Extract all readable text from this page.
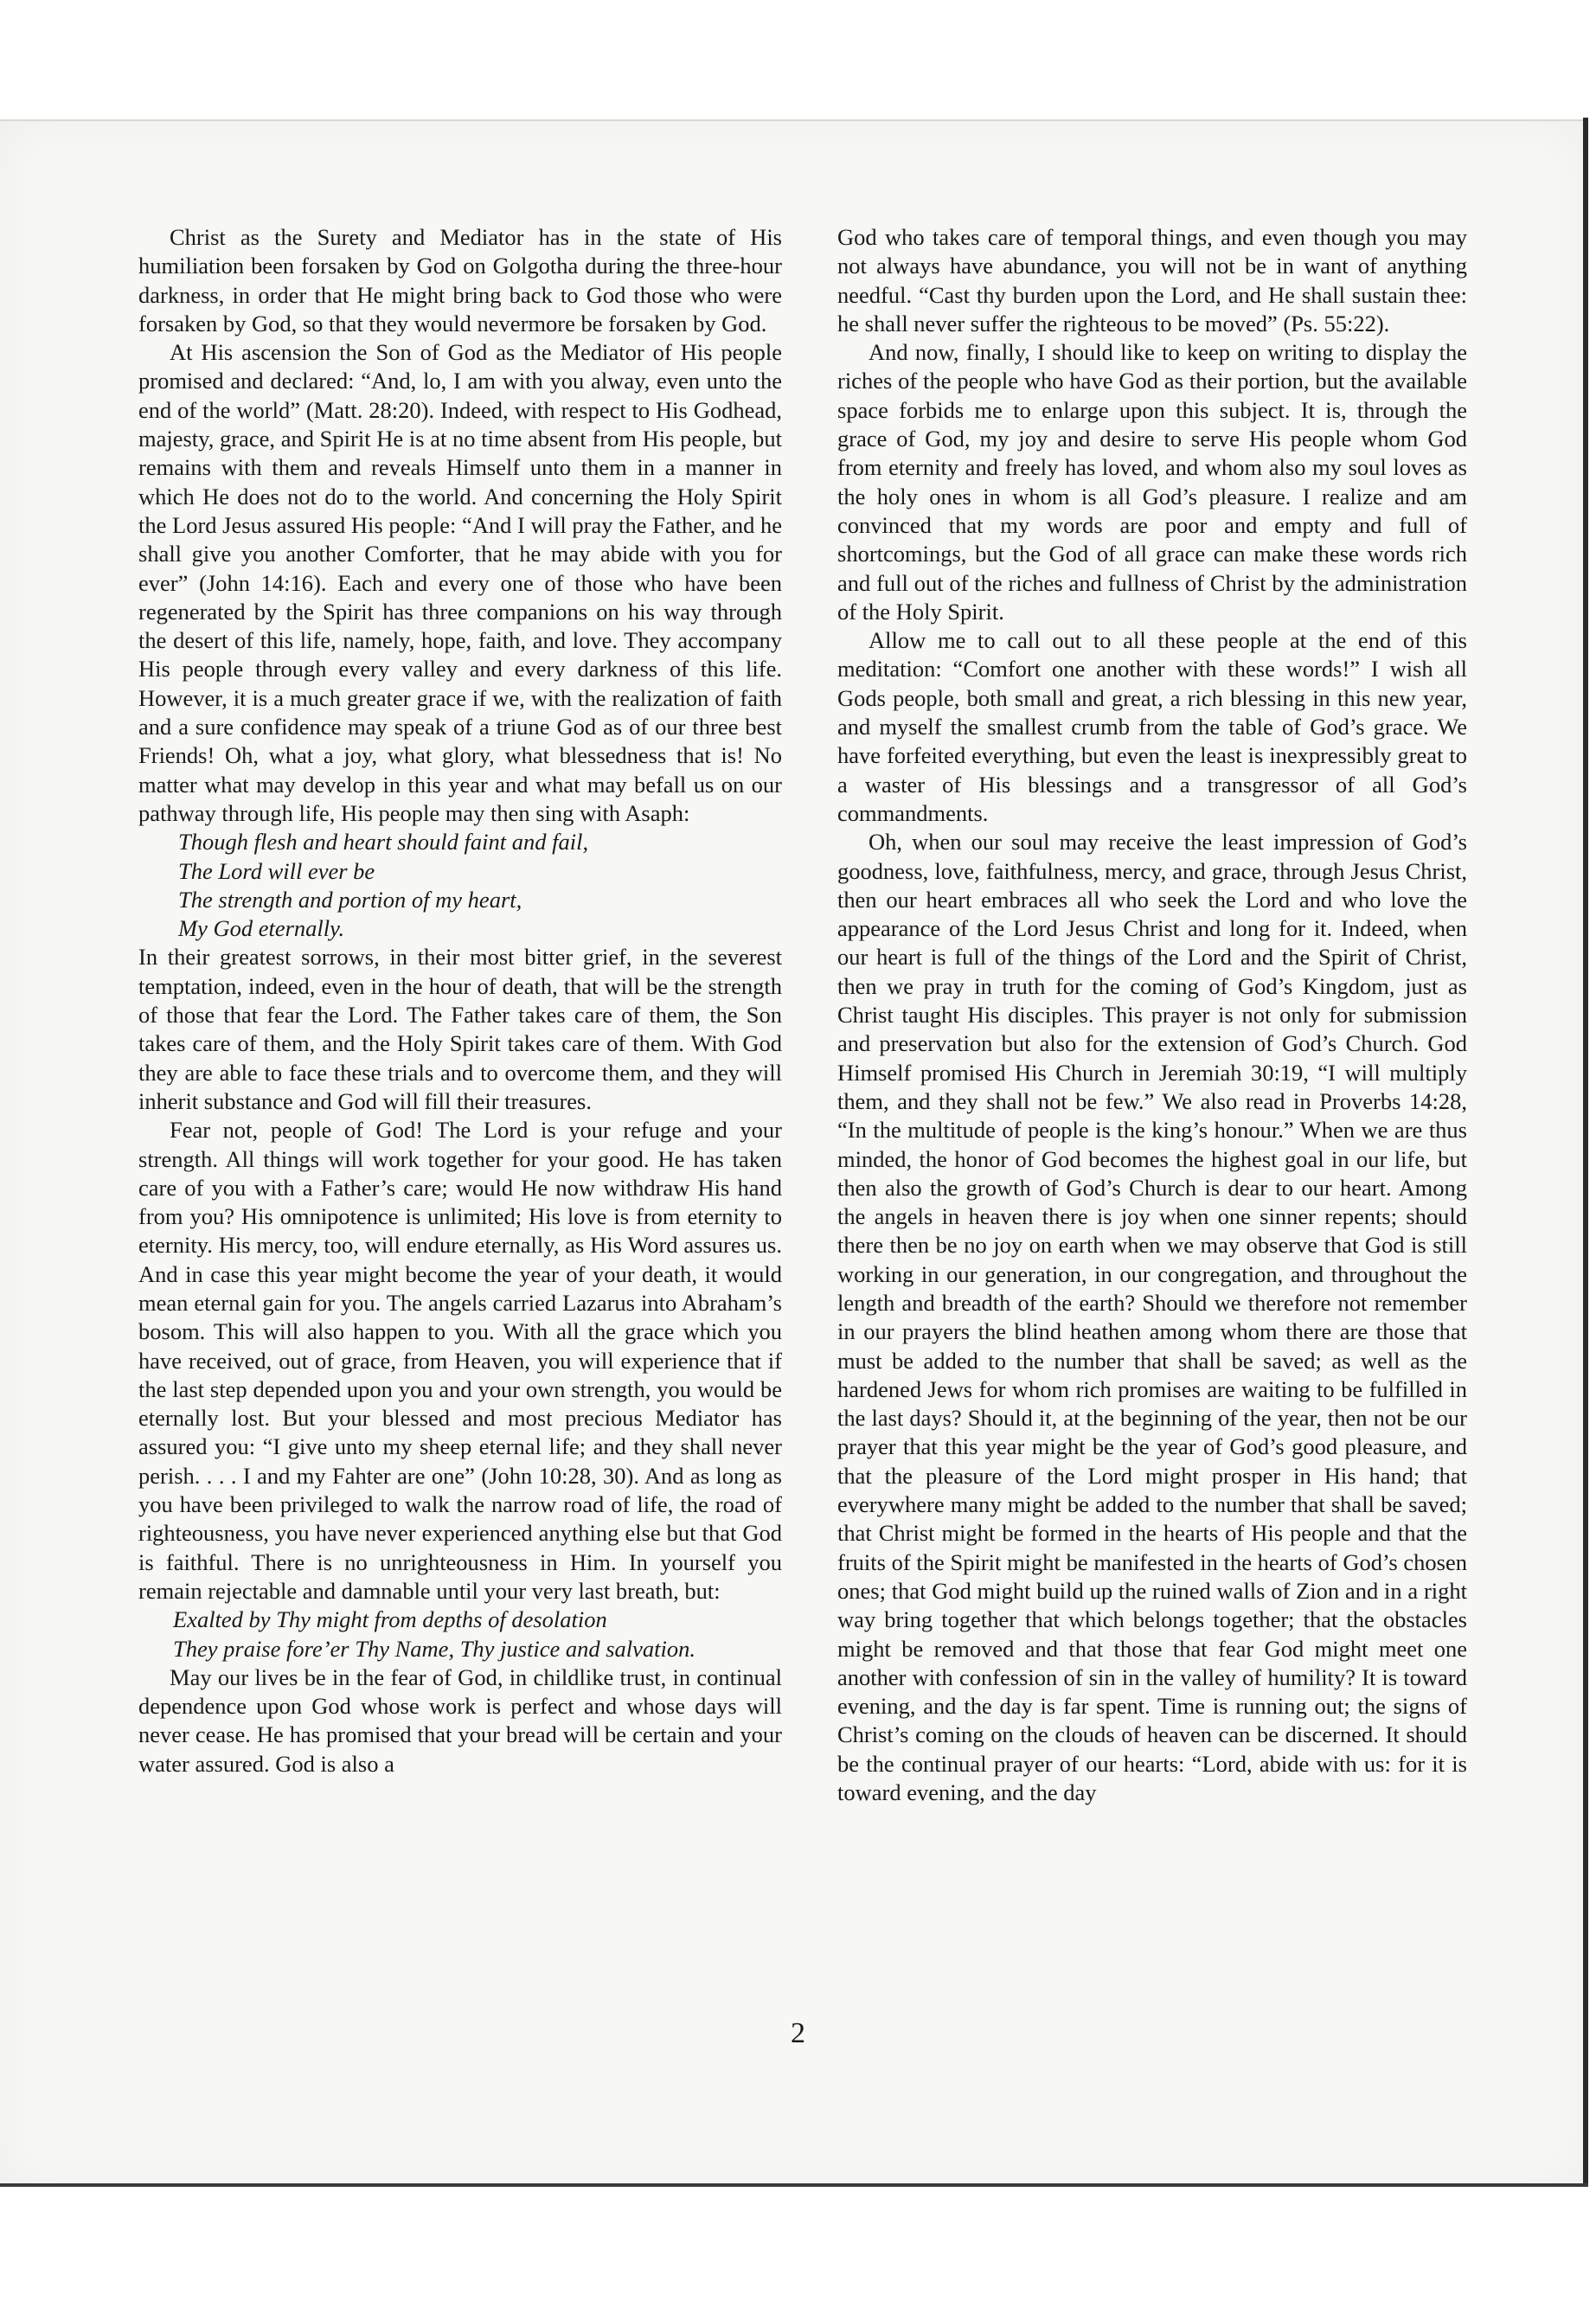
Christ as the Surety and Mediator has in the state of His humiliation been forsaken by God on Golgotha during the three-hour darkness, in order that He might bring back to God those who were forsaken by God, so that they would nevermore be forsaken by God.

At His ascension the Son of God as the Mediator of His people promised and declared: “And, lo, I am with you alway, even unto the end of the world” (Matt. 28:20). Indeed, with respect to His Godhead, majesty, grace, and Spirit He is at no time absent from His people, but remains with them and reveals Himself unto them in a manner in which He does not do to the world. And concerning the Holy Spirit the Lord Jesus assured His people: “And I will pray the Father, and he shall give you another Comforter, that he may abide with you for ever” (John 14:16). Each and every one of those who have been regenerated by the Spirit has three companions on his way through the desert of this life, namely, hope, faith, and love. They accompany His people through every valley and every darkness of this life. However, it is a much greater grace if we, with the realization of faith and a sure confidence may speak of a triune God as of our three best Friends! Oh, what a joy, what glory, what blessedness that is! No matter what may develop in this year and what may befall us on our pathway through life, His people may then sing with Asaph:

Though flesh and heart should faint and fail,
The Lord will ever be
The strength and portion of my heart,
My God eternally.

In their greatest sorrows, in their most bitter grief, in the severest temptation, indeed, even in the hour of death, that will be the strength of those that fear the Lord. The Father takes care of them, the Son takes care of them, and the Holy Spirit takes care of them. With God they are able to face these trials and to overcome them, and they will inherit substance and God will fill their treasures.

Fear not, people of God! The Lord is your refuge and your strength. All things will work together for your good. He has taken care of you with a Father’s care; would He now withdraw His hand from you? His omnipotence is unlimited; His love is from eternity to eternity. His mercy, too, will endure eternally, as His Word assures us. And in case this year might become the year of your death, it would mean eternal gain for you. The angels carried Lazarus into Abraham’s bosom. This will also happen to you. With all the grace which you have received, out of grace, from Heaven, you will experience that if the last step depended upon you and your own strength, you would be eternally lost. But your blessed and most precious Mediator has assured you: “I give unto my sheep eternal life; and they shall never perish. . . . I and my Fahter are one” (John 10:28, 30). And as long as you have been privileged to walk the narrow road of life, the road of righteousness, you have never experienced anything else but that God is faithful. There is no unrighteousness in Him. In yourself you remain rejectable and damnable until your very last breath, but:

Exalted by Thy might from depths of desolation
They praise fore’er Thy Name, Thy justice and salvation.

May our lives be in the fear of God, in childlike trust, in continual dependence upon God whose work is perfect and whose days will never cease. He has promised that your bread will be certain and your water assured. God is also a

God who takes care of temporal things, and even though you may not always have abundance, you will not be in want of anything needful. “Cast thy burden upon the Lord, and He shall sustain thee: he shall never suffer the righteous to be moved” (Ps. 55:22).

And now, finally, I should like to keep on writing to display the riches of the people who have God as their portion, but the available space forbids me to enlarge upon this subject. It is, through the grace of God, my joy and desire to serve His people whom God from eternity and freely has loved, and whom also my soul loves as the holy ones in whom is all God’s pleasure. I realize and am convinced that my words are poor and empty and full of shortcomings, but the God of all grace can make these words rich and full out of the riches and fullness of Christ by the administration of the Holy Spirit.

Allow me to call out to all these people at the end of this meditation: “Comfort one another with these words!” I wish all Gods people, both small and great, a rich blessing in this new year, and myself the smallest crumb from the table of God’s grace. We have forfeited everything, but even the least is inexpressibly great to a waster of His blessings and a transgressor of all God’s commandments.

Oh, when our soul may receive the least impression of God’s goodness, love, faithfulness, mercy, and grace, through Jesus Christ, then our heart embraces all who seek the Lord and who love the appearance of the Lord Jesus Christ and long for it. Indeed, when our heart is full of the things of the Lord and the Spirit of Christ, then we pray in truth for the coming of God’s Kingdom, just as Christ taught His disciples. This prayer is not only for submission and preservation but also for the extension of God’s Church. God Himself promised His Church in Jeremiah 30:19, “I will multiply them, and they shall not be few.” We also read in Proverbs 14:28, “In the multitude of people is the king’s honour.” When we are thus minded, the honor of God becomes the highest goal in our life, but then also the growth of God’s Church is dear to our heart. Among the angels in heaven there is joy when one sinner repents; should there then be no joy on earth when we may observe that God is still working in our generation, in our congregation, and throughout the length and breadth of the earth? Should we therefore not remember in our prayers the blind heathen among whom there are those that must be added to the number that shall be saved; as well as the hardened Jews for whom rich promises are waiting to be fulfilled in the last days? Should it, at the beginning of the year, then not be our prayer that this year might be the year of God’s good pleasure, and that the pleasure of the Lord might prosper in His hand; that everywhere many might be added to the number that shall be saved; that Christ might be formed in the hearts of His people and that the fruits of the Spirit might be manifested in the hearts of God’s chosen ones; that God might build up the ruined walls of Zion and in a right way bring together that which belongs together; that the obstacles might be removed and that those that fear God might meet one another with confession of sin in the valley of humility? It is toward evening, and the day is far spent. Time is running out; the signs of Christ’s coming on the clouds of heaven can be discerned. It should be the continual prayer of our hearts: “Lord, abide with us: for it is toward evening, and the day

2
